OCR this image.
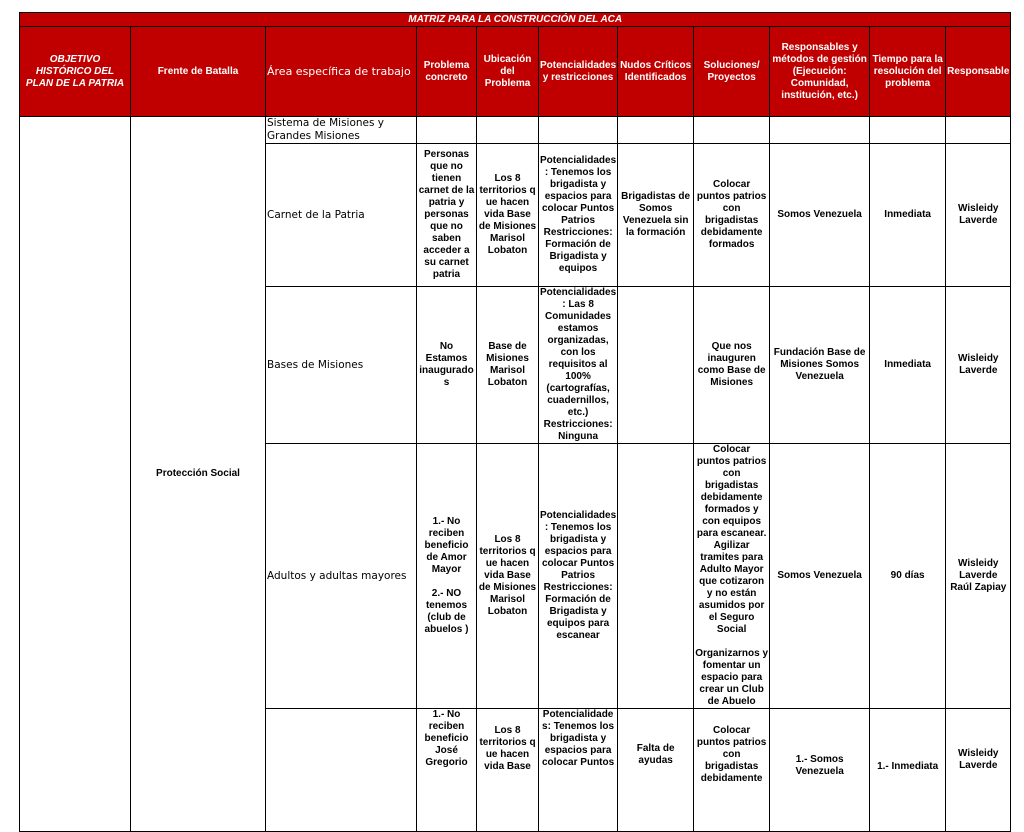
MATRIZ PARA LA CONSTRUCCIÓN DEL ACA										
OBJETIVO HISTÓRICO DEL PLAN DE LA PATRIA	Frente de Batalla	Área específica de trabajo	Problema concreto	Ubicación del Problema	Potencialidades y restricciones	Nudos Críticos Identificados	Soluciones/ Proyectos	Responsables y métodos de gestión (Ejecución: Comunidad, institución, etc.)	Tiempo para la resolución del problema	Responsable
	Protección Social	Sistema de Misiones y Grandes Misiones								
		Carnet de la Patria	Personas que no tienen carnet de la patria y personas que no saben acceder a su carnet patria	Los 8 territorios q ue hacen vida Base de Misiones Marisol Lobaton	Potencialidades : Tenemos los brigadista y espacios para colocar Puntos Patrios Restricciones: Formación de Brigadista y equipos	Brigadistas de Somos Venezuela sin la formación	Colocar puntos patrios con brigadistas debidamente formados	Somos Venezuela	Inmediata	Wisleidy Laverde
		Bases de Misiones	No Estamos inaugurado s	Base de Misiones Marisol Lobaton	Potencialidades : Las 8 Comunidades estamos organizadas, con los requisitos al 100% (cartografías, cuadernillos, etc.) Restricciones: Ninguna		Que nos inauguren como Base de Misiones	Fundación Base de Misiones Somos Venezuela	Inmediata	Wisleidy Laverde
		Adultos y adultas mayores	1.- No reciben beneficio de Amor Mayor

2.- NO tenemos (club de abuelos )	Los 8 territorios q ue hacen vida Base de Misiones Marisol Lobaton	Potencialidades : Tenemos los brigadista y espacios para colocar Puntos Patrios Restricciones: Formación de Brigadista y equipos para escanear		Colocar puntos patrios con brigadistas debidamente formados y con equipos para escanear. Agilizar tramites para Adulto Mayor que cotizaron y no están asumidos por el Seguro Social

Organizarnos y fomentar un espacio para crear un Club de Abuelo	Somos Venezuela	90 días	Wisleidy Laverde Raúl Zapiay
			1.- No reciben beneficio José Gregorio	Los 8 territorios q ue hacen vida Base	Potencialidade s: Tenemos los brigadista y espacios para colocar Puntos	Falta de ayudas	Colocar puntos patrios con brigadistas debidamente	1.- Somos Venezuela	1.- Inmediata	Wisleidy Laverde
